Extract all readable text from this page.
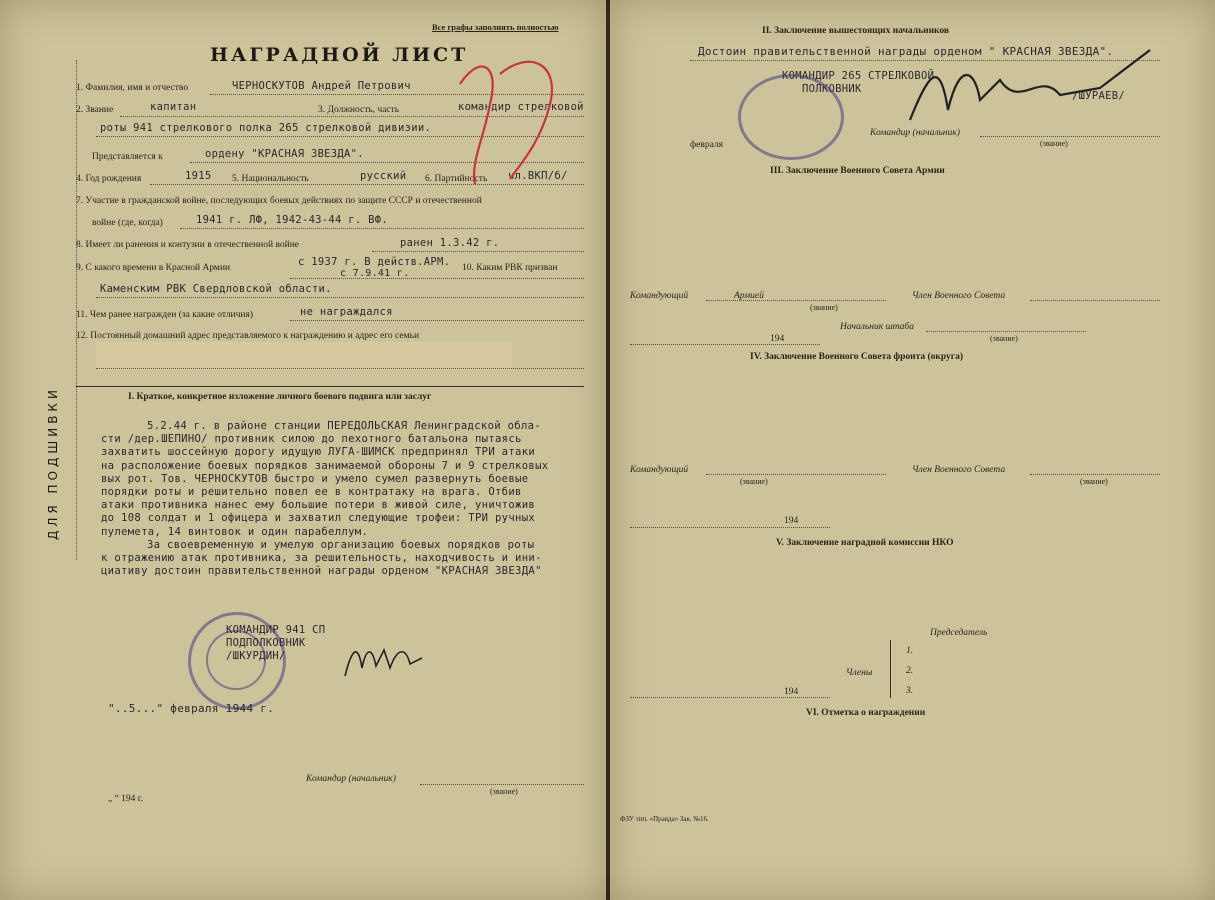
Все графы заполнять полностью
НАГРАДНОЙ ЛИСТ
ДЛЯ ПОДШИВКИ
1. Фамилия, имя и отчество	ЧЕРНОСКУТОВ Андрей Петрович
2. Звание	капитан	3. Должность, часть	командир стрелковой
роты 941 стрелкового полка 265 стрелковой дивизии.
Представляется к	ордену "КРАСНАЯ ЗВЕЗДА".
4. Год рождения	1915 5. Национальность	русский 6. Партийность чл.ВКП/б/
7. Участие в гражданской войне, последующих боевых действиях по защите СССР и отечественной
войне (где, когда)	1941 г. ЛФ, 1942-43-44 г. ВФ.
8. Имеет ли ранения и контузии в отечественной войне	ранен 1.3.42 г.
9. С какого времени в Красной Армии	с 1937 г. В действ.АРМ.
с 7.9.41 г.	10. Каким РВК призван
Каменским РВК Свердловской области.
11. Чем ранее награжден (за какие отличия)	не награждался
12. Постоянный домашний адрес представляемого к награждению и адрес его семьи
I. Краткое, конкретное изложение личного боевого подвига или заслуг
5.2.44 г. в районе станции ПЕРЕДОЛЬСКАЯ Ленинградской обла-
сти /дер.ШЕПИНО/ противник силою до пехотного батальона пытаясь
захватить шоссейную дорогу идущую ЛУГА-ШИМСК предпринял ТРИ атаки
на расположение боевых порядков занимаемой обороны 7 и 9 стрелковых
вых рот. Тов. ЧЕРНОСКУТОВ быстро и умело сумел развернуть боевые
порядки роты и решительно повел ее в контратаку на врага. Отбив
атаки противника нанес ему большие потери в живой силе, уничтожив
до 108 солдат и 1 офицера и захватил следующие трофеи: ТРИ ручных
пулемета, 14 винтовок и один парабеллум.
За своевременную и умелую организацию боевых порядков роты
к отражению атак противника, за решительность, находчивость и ини-
циативу достоин правительственной награды орденом "КРАСНАЯ ЗВЕЗДА"
КОМАНДИР 941 СП
ПОДПОЛКОВНИК
/ШКУРДИН/
"..5..." февраля 1944 г.
Командир (начальник)
(звание)
„ “ 194 г.
II. Заключение вышестоящих начальников
Достоин правительственной награды орденом " КРАСНАЯ ЗВЕЗДА".
КОМАНДИР 265 СТРЕЛКОВОЙ
ПОЛКОВНИК
/ШУРАЕВ/
Командир (начальник)
(звание)
февраля
III. Заключение Военного Совета Армии
Командующий	Армией
(звание)
Член Военного Совета
Начальник штаба
(звание)
194
IV. Заключение Военного Совета фронта (округа)
Командующий
(звание)
Член Военного Совета
(звание)
194
V. Заключение наградной комиссии НКО
Председатель
1.
2.
3.
Члены
194
VI. Отметка о награждении
ФЗУ тип. «Правда» Зак. №16.
